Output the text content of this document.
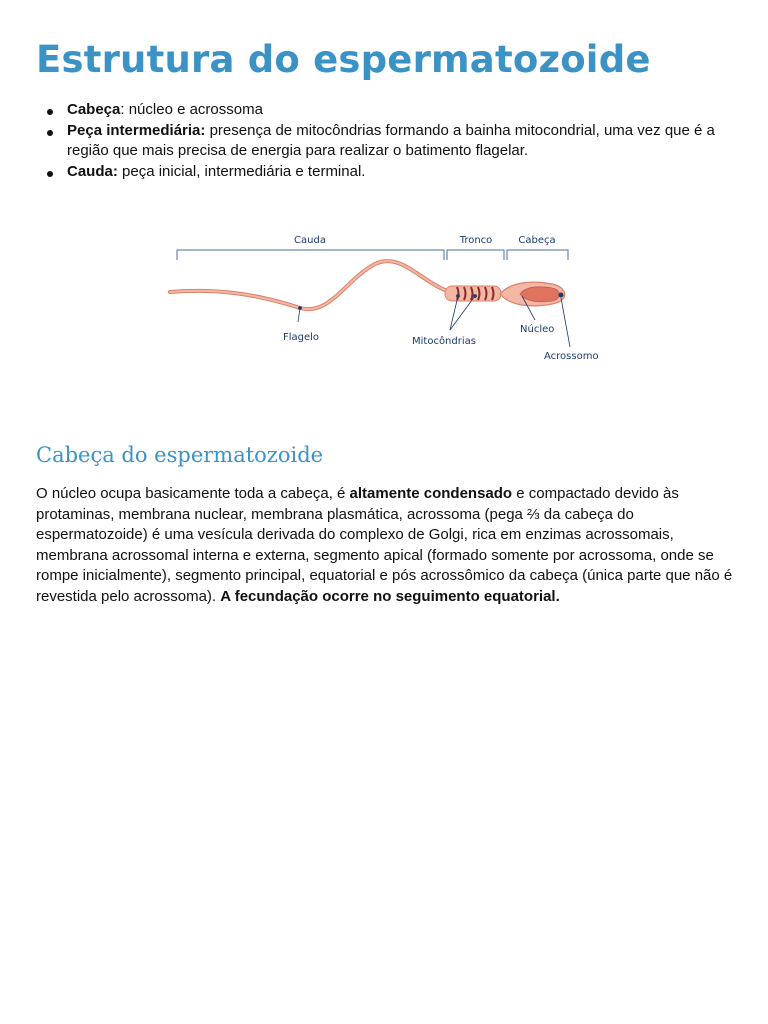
Estrutura do espermatozoide
Cabeça: núcleo e acrossoma
Peça intermediária: presença de mitocôndrias formando a bainha mitocondrial, uma vez que é a região que mais precisa de energia para realizar o batimento flagelar.
Cauda: peça inicial, intermediária e terminal.
Cauda	Tronco	Cabeça
Flagelo	Mitocôndrias
Núcleo
Acrossomo
Cabeça do espermatozoide

O núcleo ocupa basicamente toda a cabeça, é altamente condensado e compactado devido às protaminas, membrana nuclear, membrana plasmática, acrossoma (pega ⅔ da cabeça do espermatozoide) é uma vesícula derivada do complexo de Golgi, rica em enzimas acrossomais, membrana acrossomal interna e externa, segmento apical (formado somente por acrossoma, onde se rompe inicialmente), segmento principal, equatorial e pós acrossômico da cabeça (única parte que não é revestida pelo acrossoma). A fecundação ocorre no seguimento equatorial.
